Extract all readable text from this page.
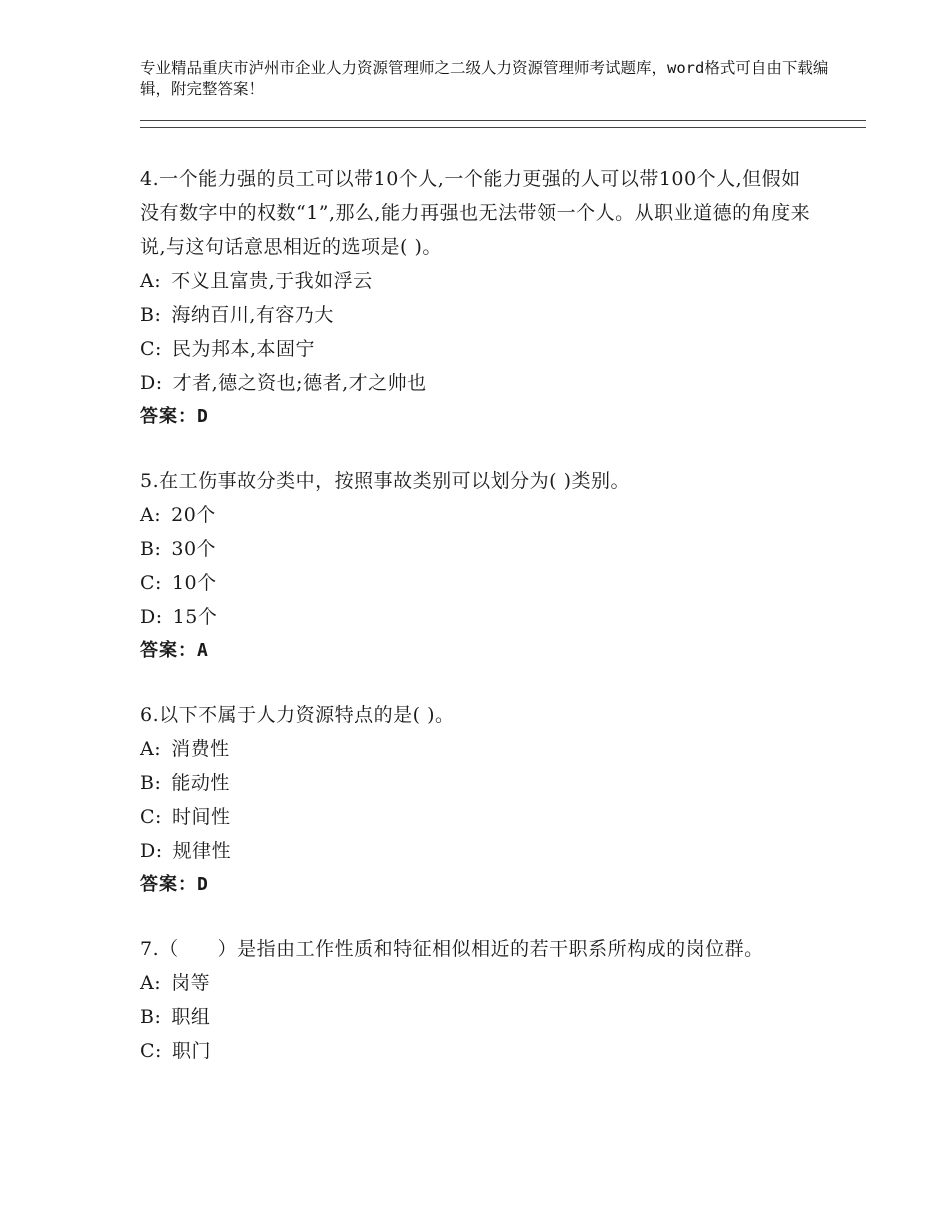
专业精品重庆市泸州市企业人力资源管理师之二级人力资源管理师考试题库，word格式可自由下载编辑，附完整答案！

4.一个能力强的员工可以带10个人,一个能力更强的人可以带100个人,但假如没有数字中的权数“1”,那么,能力再强也无法带领一个人。从职业道德的角度来说,与这句话意思相近的选项是( )。

A: 不义且富贵,于我如浮云

B: 海纳百川,有容乃大

C: 民为邦本,本固宁

D: 才者,德之资也;德者,才之帅也

答案：D

5.在工伤事故分类中，按照事故类别可以划分为( )类别。

A: 20个

B: 30个

C: 10个

D: 15个

答案：A

6.以下不属于人力资源特点的是( )。

A: 消费性

B: 能动性

C: 时间性

D: 规律性

答案：D

7.（　　）是指由工作性质和特征相似相近的若干职系所构成的岗位群。

A: 岗等

B: 职组

C: 职门
